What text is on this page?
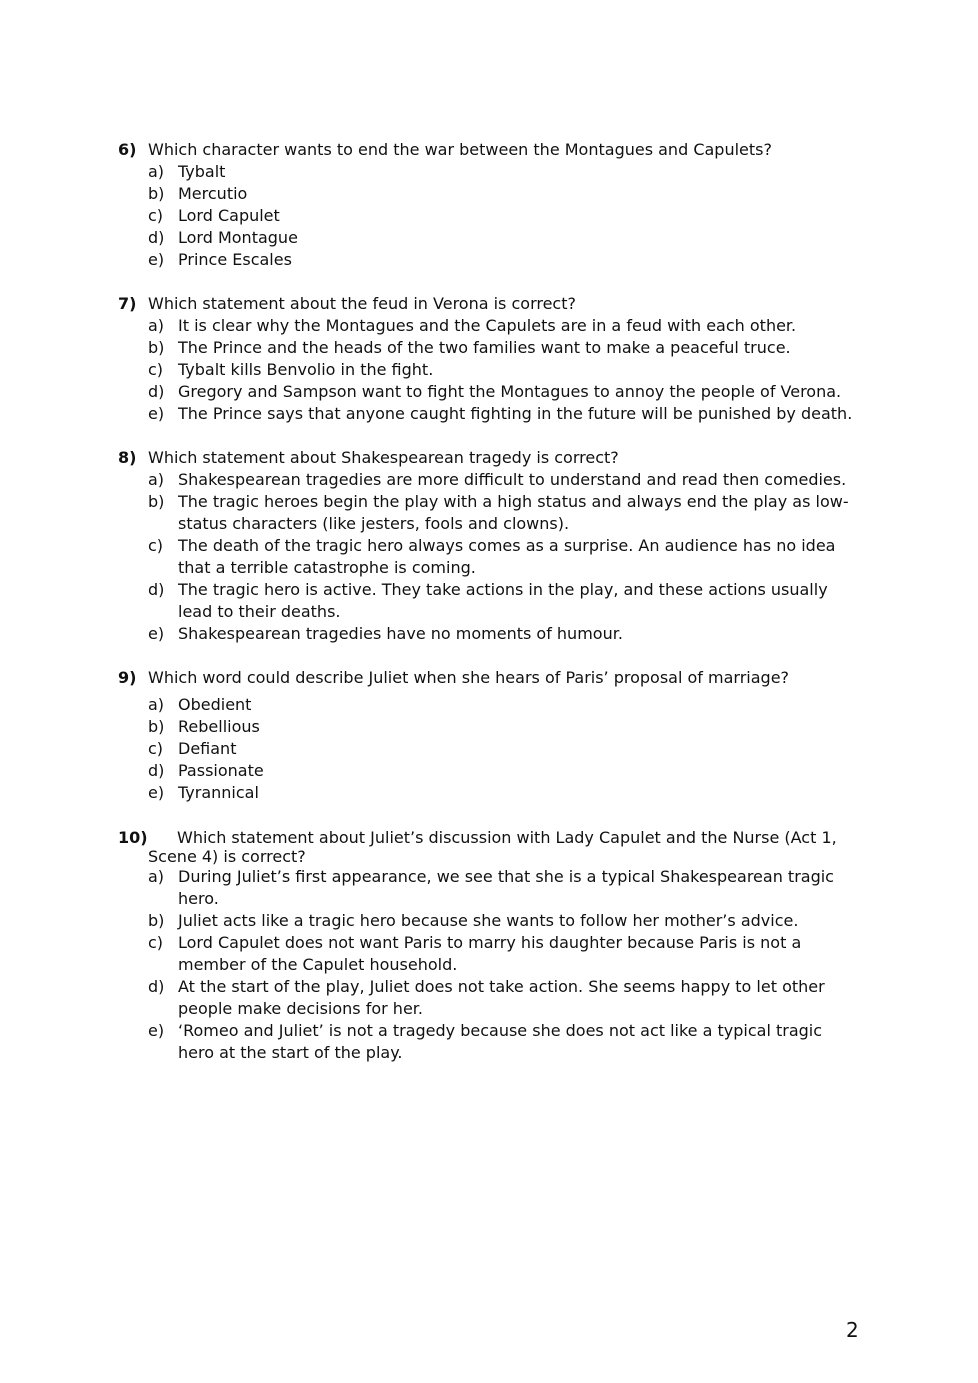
6) Which character wants to end the war between the Montagues and Capulets?
a) Tybalt
b) Mercutio
c) Lord Capulet
d) Lord Montague
e) Prince Escales
7) Which statement about the feud in Verona is correct?
a) It is clear why the Montagues and the Capulets are in a feud with each other.
b) The Prince and the heads of the two families want to make a peaceful truce.
c) Tybalt kills Benvolio in the fight.
d) Gregory and Sampson want to fight the Montagues to annoy the people of Verona.
e) The Prince says that anyone caught fighting in the future will be punished by death.
8) Which statement about Shakespearean tragedy is correct?
a) Shakespearean tragedies are more difficult to understand and read then comedies.
b) The tragic heroes begin the play with a high status and always end the play as low-status characters (like jesters, fools and clowns).
c) The death of the tragic hero always comes as a surprise. An audience has no idea that a terrible catastrophe is coming.
d) The tragic hero is active. They take actions in the play, and these actions usually lead to their deaths.
e) Shakespearean tragedies have no moments of humour.
9) Which word could describe Juliet when she hears of Paris’ proposal of marriage?
a) Obedient
b) Rebellious
c) Defiant
d) Passionate
e) Tyrannical
10)	Which statement about Juliet’s discussion with Lady Capulet and the Nurse (Act 1, Scene 4) is correct?
a) During Juliet’s first appearance, we see that she is a typical Shakespearean tragic hero.
b) Juliet acts like a tragic hero because she wants to follow her mother’s advice.
c) Lord Capulet does not want Paris to marry his daughter because Paris is not a member of the Capulet household.
d) At the start of the play, Juliet does not take action. She seems happy to let other people make decisions for her.
e) ‘Romeo and Juliet’ is not a tragedy because she does not act like a typical tragic hero at the start of the play.
2
